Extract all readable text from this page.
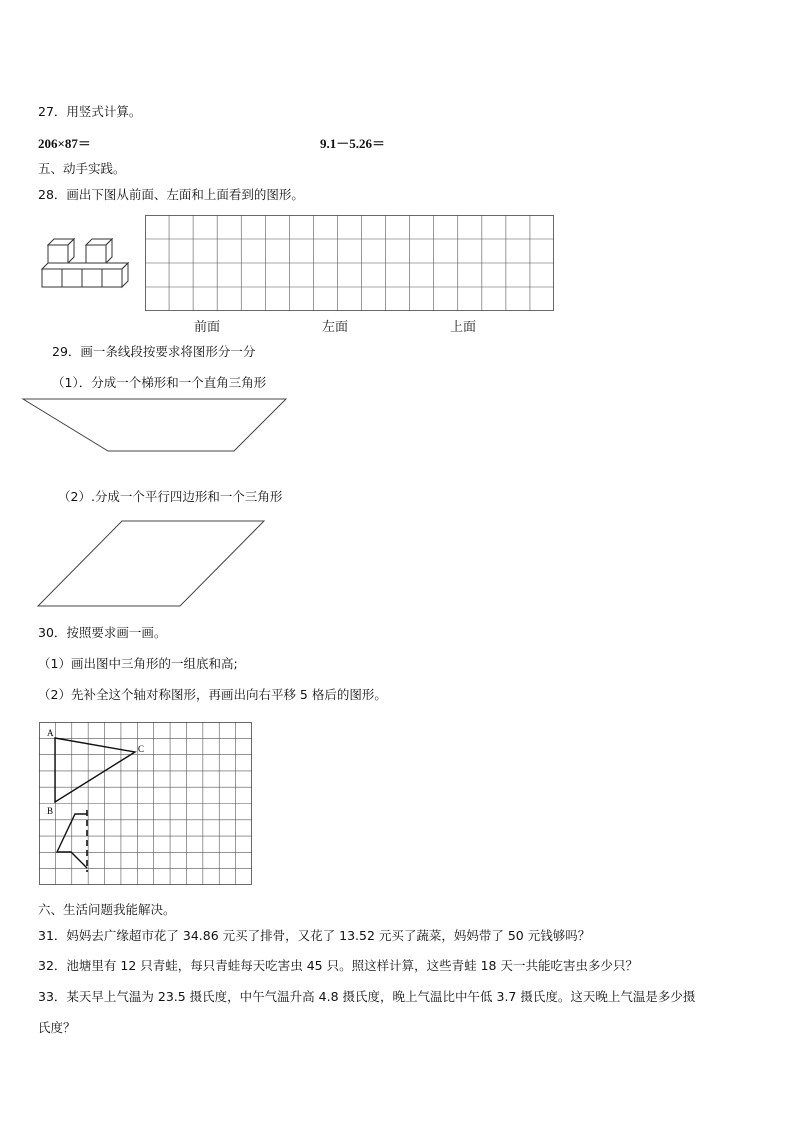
27．用竖式计算。
206×87＝	9.1－5.26＝
五、动手实践。
28．画出下图从前面、左面和上面看到的图形。
前面	左面	上面
29．画一条线段按要求将图形分一分
（1）．分成一个梯形和一个直角三角形
（2）.分成一个平行四边形和一个三角形
30．按照要求画一画。
（1）画出图中三角形的一组底和高;
（2）先补全这个轴对称图形，再画出向右平移 5 格后的图形。
A
B
C
六、生活问题我能解决。
31．妈妈去广缘超市花了 34.86 元买了排骨，又花了 13.52 元买了蔬菜，妈妈带了 50 元钱够吗？
32．池塘里有 12 只青蛙，每只青蛙每天吃害虫 45 只。照这样计算，这些青蛙 18 天一共能吃害虫多少只？
33．某天早上气温为 23.5 摄氏度，中午气温升高 4.8 摄氏度，晚上气温比中午低 3.7 摄氏度。这天晚上气温是多少摄
氏度？
